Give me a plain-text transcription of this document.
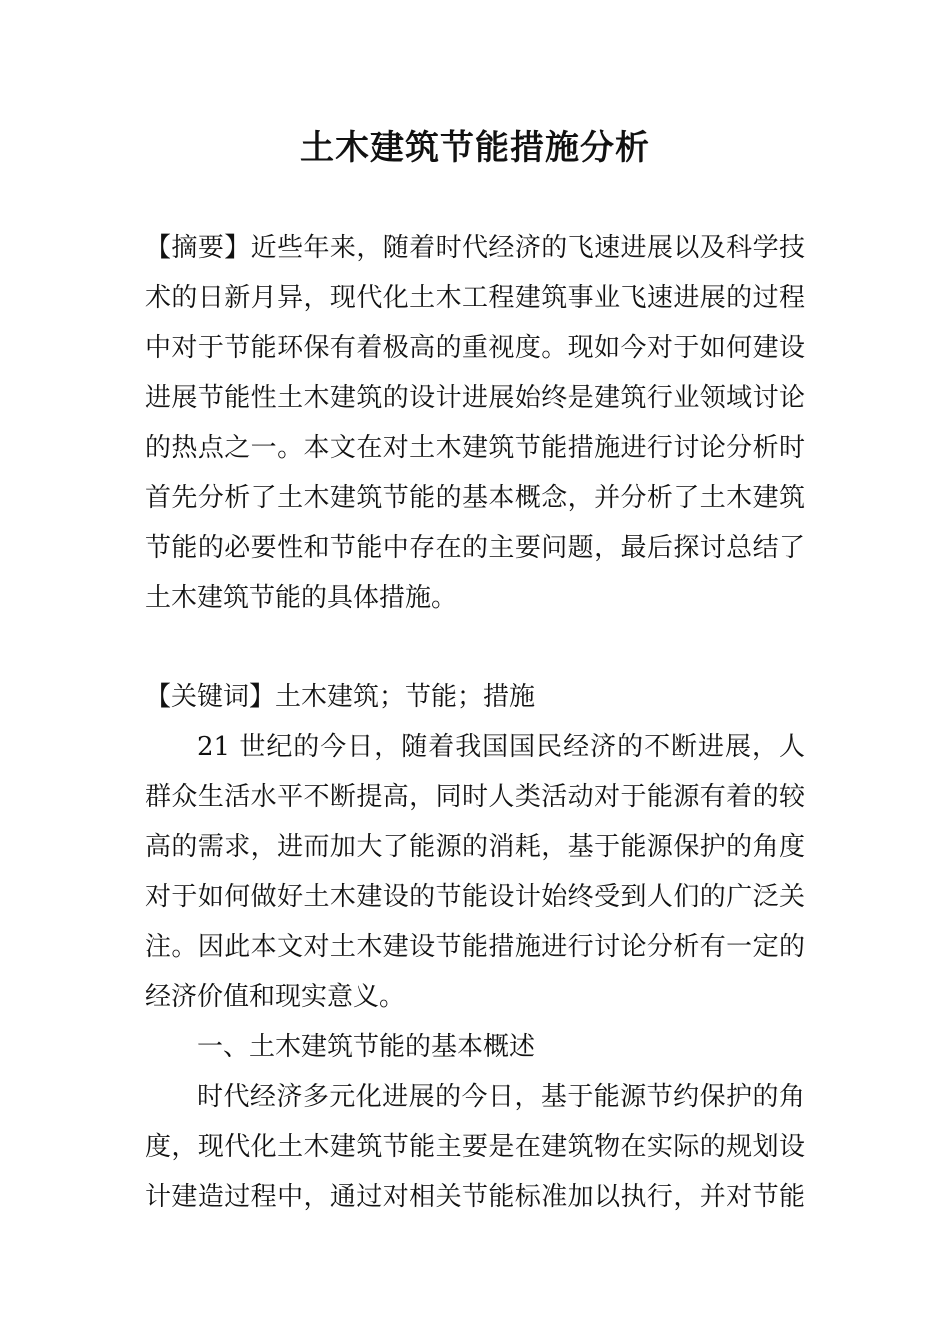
土木建筑节能措施分析
【摘要】近些年来，随着时代经济的飞速进展以及科学技
术的日新月异，现代化土木工程建筑事业飞速进展的过程
中对于节能环保有着极高的重视度。现如今对于如何建设
进展节能性土木建筑的设计进展始终是建筑行业领域讨论
的热点之一。本文在对土木建筑节能措施进行讨论分析时
首先分析了土木建筑节能的基本概念，并分析了土木建筑
节能的必要性和节能中存在的主要问题，最后探讨总结了
土木建筑节能的具体措施。
【关键词】土木建筑；节能；措施
21 世纪的今日，随着我国国民经济的不断进展，人
群众生活水平不断提高，同时人类活动对于能源有着的较
高的需求，进而加大了能源的消耗，基于能源保护的角度
对于如何做好土木建设的节能设计始终受到人们的广泛关
注。因此本文对土木建设节能措施进行讨论分析有一定的
经济价值和现实意义。
一、土木建筑节能的基本概述
时代经济多元化进展的今日，基于能源节约保护的角
度，现代化土木建筑节能主要是在建筑物在实际的规划设
计建造过程中，通过对相关节能标准加以执行，并对节能
